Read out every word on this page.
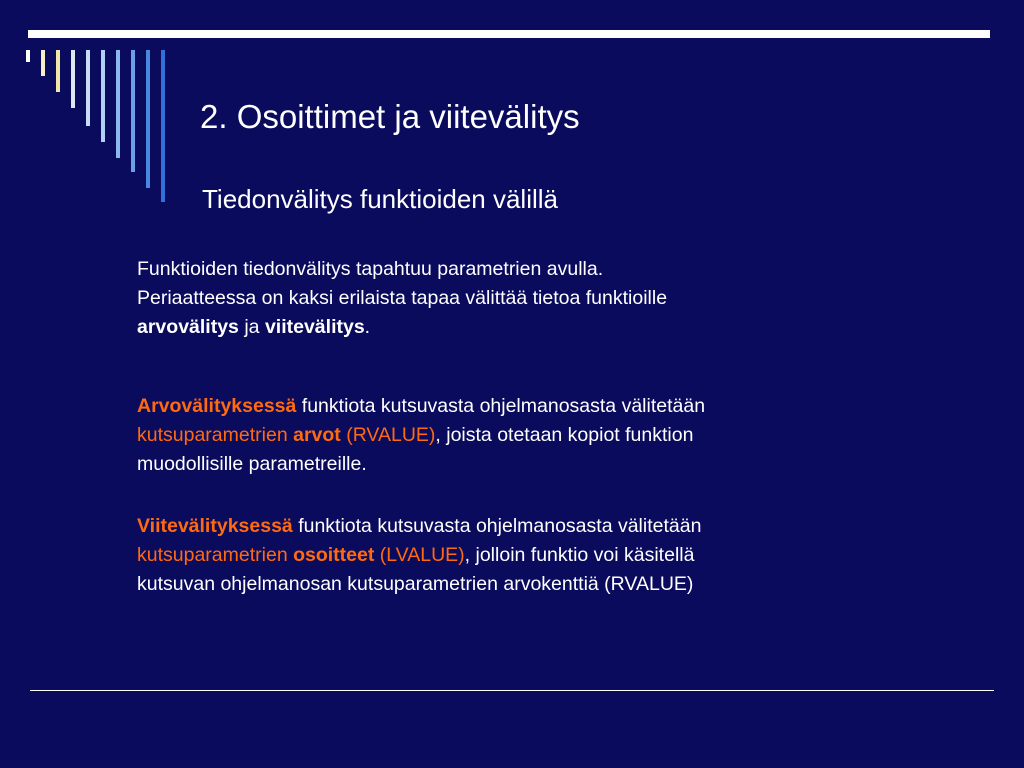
2. Osoittimet ja viitevälitys
Tiedonvälitys funktioiden välillä
Funktioiden tiedonvälitys tapahtuu parametrien avulla.
Periaatteessa on kaksi erilaista tapaa välittää tietoa funktioille
arvovälitys ja viitevälitys.
Arvovälityksessä funktiota kutsuvasta ohjelmanosasta välitetään
kutsuparametrien arvot (RVALUE), joista otetaan kopiot funktion
muodollisille parametreille.
Viitevälityksessä funktiota kutsuvasta ohjelmanosasta välitetään
kutsuparametrien osoitteet (LVALUE), jolloin funktio voi käsitellä
kutsuvan ohjelmanosan kutsuparametrien arvokenttiä (RVALUE)
